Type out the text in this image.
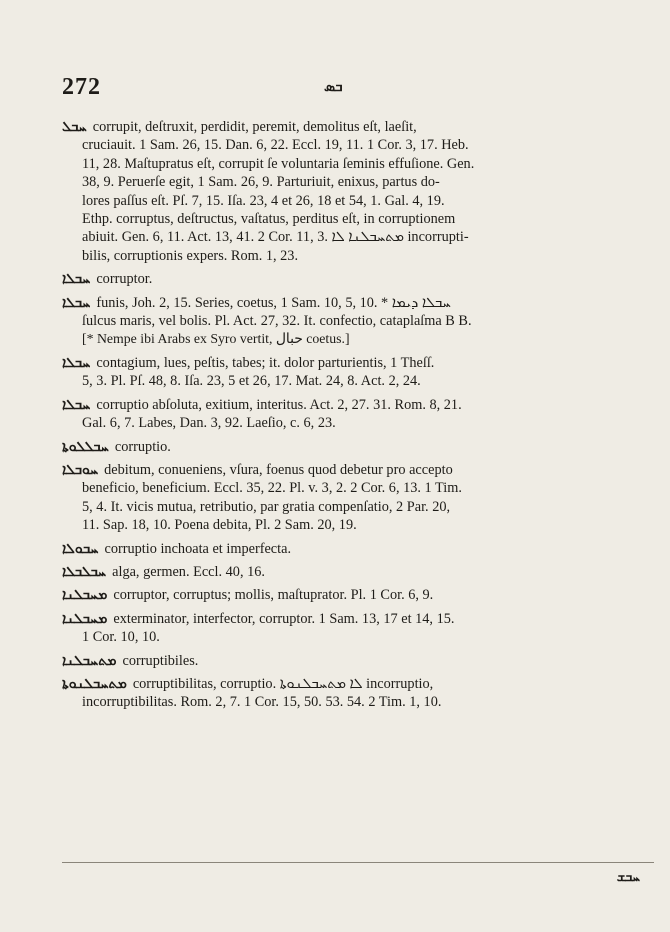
272	ܒܣ
ܚܒܠ corrupit, deſtruxit, perdidit, peremit, demolitus eſt, laeſit,
cruciauit. 1 Sam. 26, 15. Dan. 6, 22. Eccl. 19, 11. 1 Cor. 3, 17. Heb.
11, 28. Maſtupratus eſt, corrupit ſe voluntaria ſeminis effuſione. Gen.
38, 9. Peruerſe egit, 1 Sam. 26, 9. Parturiuit, enixus, partus do-
lores paſſus eſt. Pſ. 7, 15. Iſa. 23, 4 et 26, 18 et 54, 1. Gal. 4, 19.
Ethp. corruptus, deſtructus, vaſtatus, perditus eſt, in corruptionem
abiuit. Gen. 6, 11. Act. 13, 41. 2 Cor. 11, 3. ܡܬܚܒܠܢܐ ܠܐ incorrupti-
bilis, corruptionis expers. Rom. 1, 23.
ܚܒܠܐ corruptor.
ܚܒܠܐ funis, Joh. 2, 15. Series, coetus, 1 Sam. 10, 5, 10. * ܚܒܠܐ ܕܝܡܐ
ſulcus maris, vel bolis. Pl. Act. 27, 32. It. confectio, cataplaſma B B.
[* Nempe ibi Arabs ex Syro vertit, حبال coetus.]
ܚܒܠܐ contagium, lues, peſtis, tabes; it. dolor parturientis, 1 Theſſ.
5, 3. Pl. Pſ. 48, 8. Iſa. 23, 5 et 26, 17. Mat. 24, 8. Act. 2, 24.
ܚܒܠܐ corruptio abſoluta, exitium, interitus. Act. 2, 27. 31. Rom. 8, 21.
Gal. 6, 7. Labes, Dan. 3, 92. Laeſio, c. 6, 23.
ܚܒܠܠܘܬܐ corruptio.
ܚܘܒܠܐ debitum, conueniens, vſura, foenus quod debetur pro accepto
beneficio, beneficium. Eccl. 35, 22. Pl. v. 3, 2. 2 Cor. 6, 13. 1 Tim.
5, 4. It. vicis mutua, retributio, par gratia compenſatio, 2 Par. 20,
11. Sap. 18, 10. Poena debita, Pl. 2 Sam. 20, 19.
ܚܒܘܠܐ corruptio inchoata et imperfecta.
ܚܒܠܒܠܐ alga, germen. Eccl. 40, 16.
ܡܚܒܠܢܐ corruptor, corruptus; mollis, maſtuprator. Pl. 1 Cor. 6, 9.
ܡܚܒܠܢܐ exterminator, interfector, corruptor. 1 Sam. 13, 17 et 14, 15.
1 Cor. 10, 10.
ܡܬܚܒܠܢܐ corruptibiles.
ܡܬܚܒܠܢܘܬܐ corruptibilitas, corruptio. ܠܐ ܡܬܚܒܠܢܘܬܐ incorruptio,
incorruptibilitas. Rom. 2, 7. 1 Cor. 15, 50. 53. 54. 2 Tim. 1, 10.
ܚܒܫ
